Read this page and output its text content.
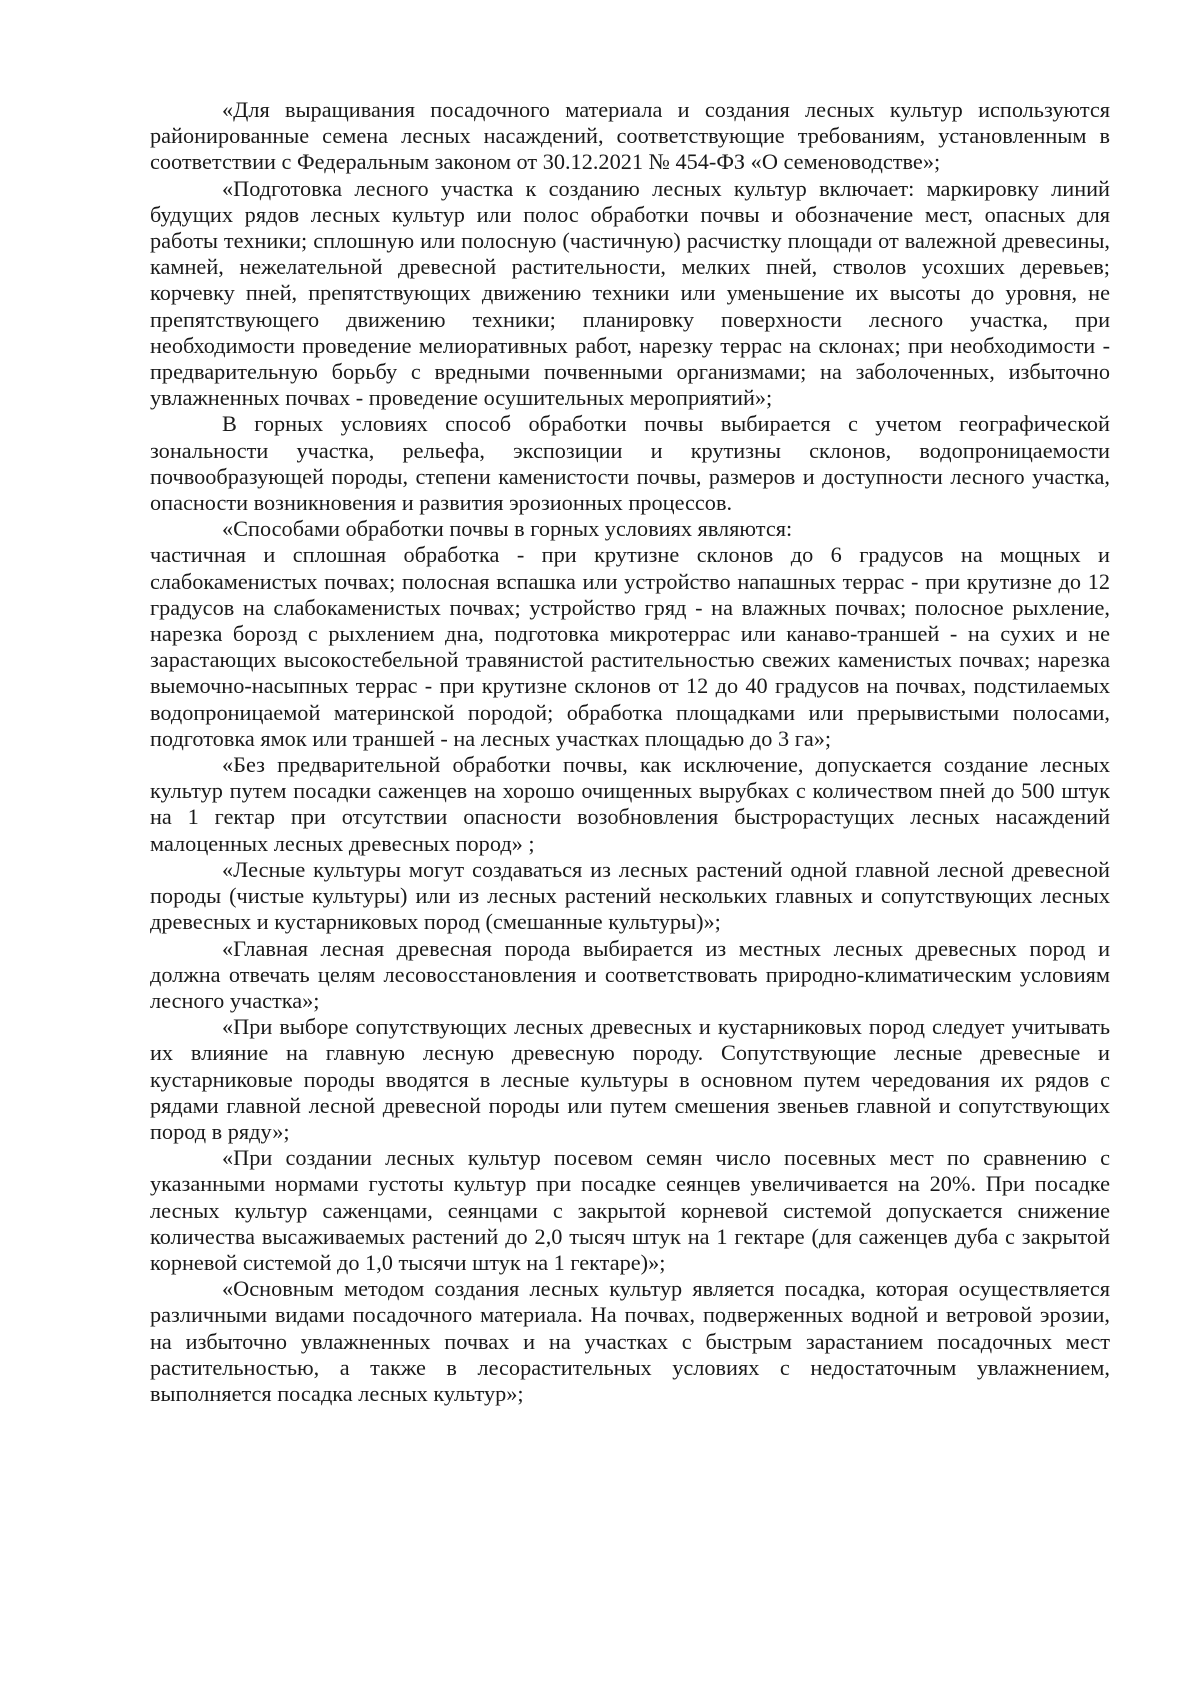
«Для выращивания посадочного материала и создания лесных культур используются районированные семена лесных насаждений, соответствующие требованиям, установленным в соответствии с Федеральным законом от 30.12.2021 № 454-ФЗ «О семеноводстве»;

«Подготовка лесного участка к созданию лесных культур включает: маркировку линий будущих рядов лесных культур или полос обработки почвы и обозначение мест, опасных для работы техники; сплошную или полосную (частичную) расчистку площади от валежной древесины, камней, нежелательной древесной растительности, мелких пней, стволов усохших деревьев; корчевку пней, препятствующих движению техники или уменьшение их высоты до уровня, не препятствующего движению техники; планировку поверхности лесного участка, при необходимости проведение мелиоративных работ, нарезку террас на склонах; при необходимости - предварительную борьбу с вредными почвенными организмами; на заболоченных, избыточно увлажненных почвах - проведение осушительных мероприятий»;

В горных условиях способ обработки почвы выбирается с учетом географической зональности участка, рельефа, экспозиции и крутизны склонов, водопроницаемости почвообразующей породы, степени каменистости почвы, размеров и доступности лесного участка, опасности возникновения и развития эрозионных процессов.

«Способами обработки почвы в горных условиях являются:

частичная и сплошная обработка - при крутизне склонов до 6 градусов на мощных и слабокаменистых почвах; полосная вспашка или устройство напашных террас - при крутизне до 12 градусов на слабокаменистых почвах; устройство гряд - на влажных почвах; полосное рыхление, нарезка борозд с рыхлением дна, подготовка микротеррас или канаво-траншей - на сухих и не зарастающих высокостебельной травянистой растительностью свежих каменистых почвах; нарезка выемочно-насыпных террас - при крутизне склонов от 12 до 40 градусов на почвах, подстилаемых водопроницаемой материнской породой; обработка площадками или прерывистыми полосами, подготовка ямок или траншей - на лесных участках площадью до 3 га»;

«Без предварительной обработки почвы, как исключение, допускается создание лесных культур путем посадки саженцев на хорошо очищенных вырубках с количеством пней до 500 штук на 1 гектар при отсутствии опасности возобновления быстрорастущих лесных насаждений малоценных лесных древесных пород» ;

«Лесные культуры могут создаваться из лесных растений одной главной лесной древесной породы (чистые культуры) или из лесных растений нескольких главных и сопутствующих лесных древесных и кустарниковых пород (смешанные культуры)»;

«Главная лесная древесная порода выбирается из местных лесных древесных пород и должна отвечать целям лесовосстановления и соответствовать природно-климатическим условиям лесного участка»;

«При выборе сопутствующих лесных древесных и кустарниковых пород следует учитывать их влияние на главную лесную древесную породу. Сопутствующие лесные древесные и кустарниковые породы вводятся в лесные культуры в основном путем чередования их рядов с рядами главной лесной древесной породы или путем смешения звеньев главной и сопутствующих пород в ряду»;

«При создании лесных культур посевом семян число посевных мест по сравнению с указанными нормами густоты культур при посадке сеянцев увеличивается на 20%. При посадке лесных культур саженцами, сеянцами с закрытой корневой системой допускается снижение количества высаживаемых растений до 2,0 тысяч штук на 1 гектаре (для саженцев дуба с закрытой корневой системой до 1,0 тысячи штук на 1 гектаре)»;

«Основным методом создания лесных культур является посадка, которая осуществляется различными видами посадочного материала. На почвах, подверженных водной и ветровой эрозии, на избыточно увлажненных почвах и на участках с быстрым зарастанием посадочных мест растительностью, а также в лесорастительных условиях с недостаточным увлажнением, выполняется посадка лесных культур»;
